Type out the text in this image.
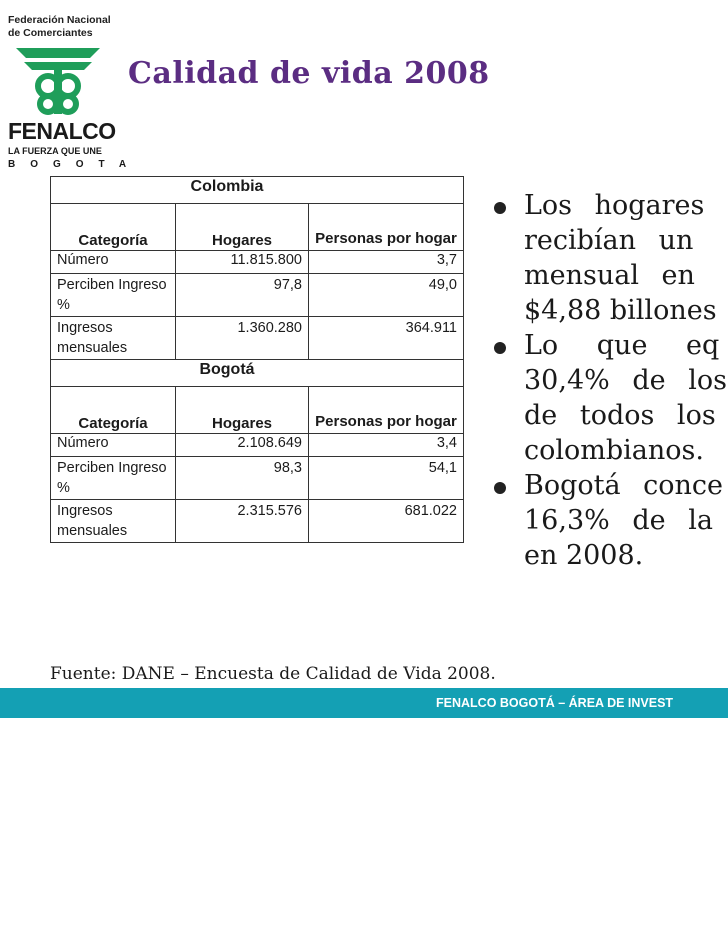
Federación Nacional
de Comerciantes
FENALCO
LA FUERZA QUE UNE
BOGOTA
Calidad de vida 2008
Colombia		
Categoría	Hogares	Personas por hogar
Número	11.815.800	3,7
Perciben Ingreso %	97,8	49,0
Ingresos mensuales	1.360.280	364.911
Bogotá		
Categoría	Hogares	Personas por hogar
Número	2.108.649	3,4
Perciben Ingreso %	98,3	54,1
Ingresos mensuales	2.315.576	681.022
Los hogares
recibían un
mensual en
$4,88 billones
Lo que eq
30,4% de los
de todos los
colombianos.
Bogotá conce
16,3% de la
en 2008.
Fuente: DANE – Encuesta de Calidad de Vida 2008.
FENALCO BOGOTÁ – ÁREA DE INVEST
